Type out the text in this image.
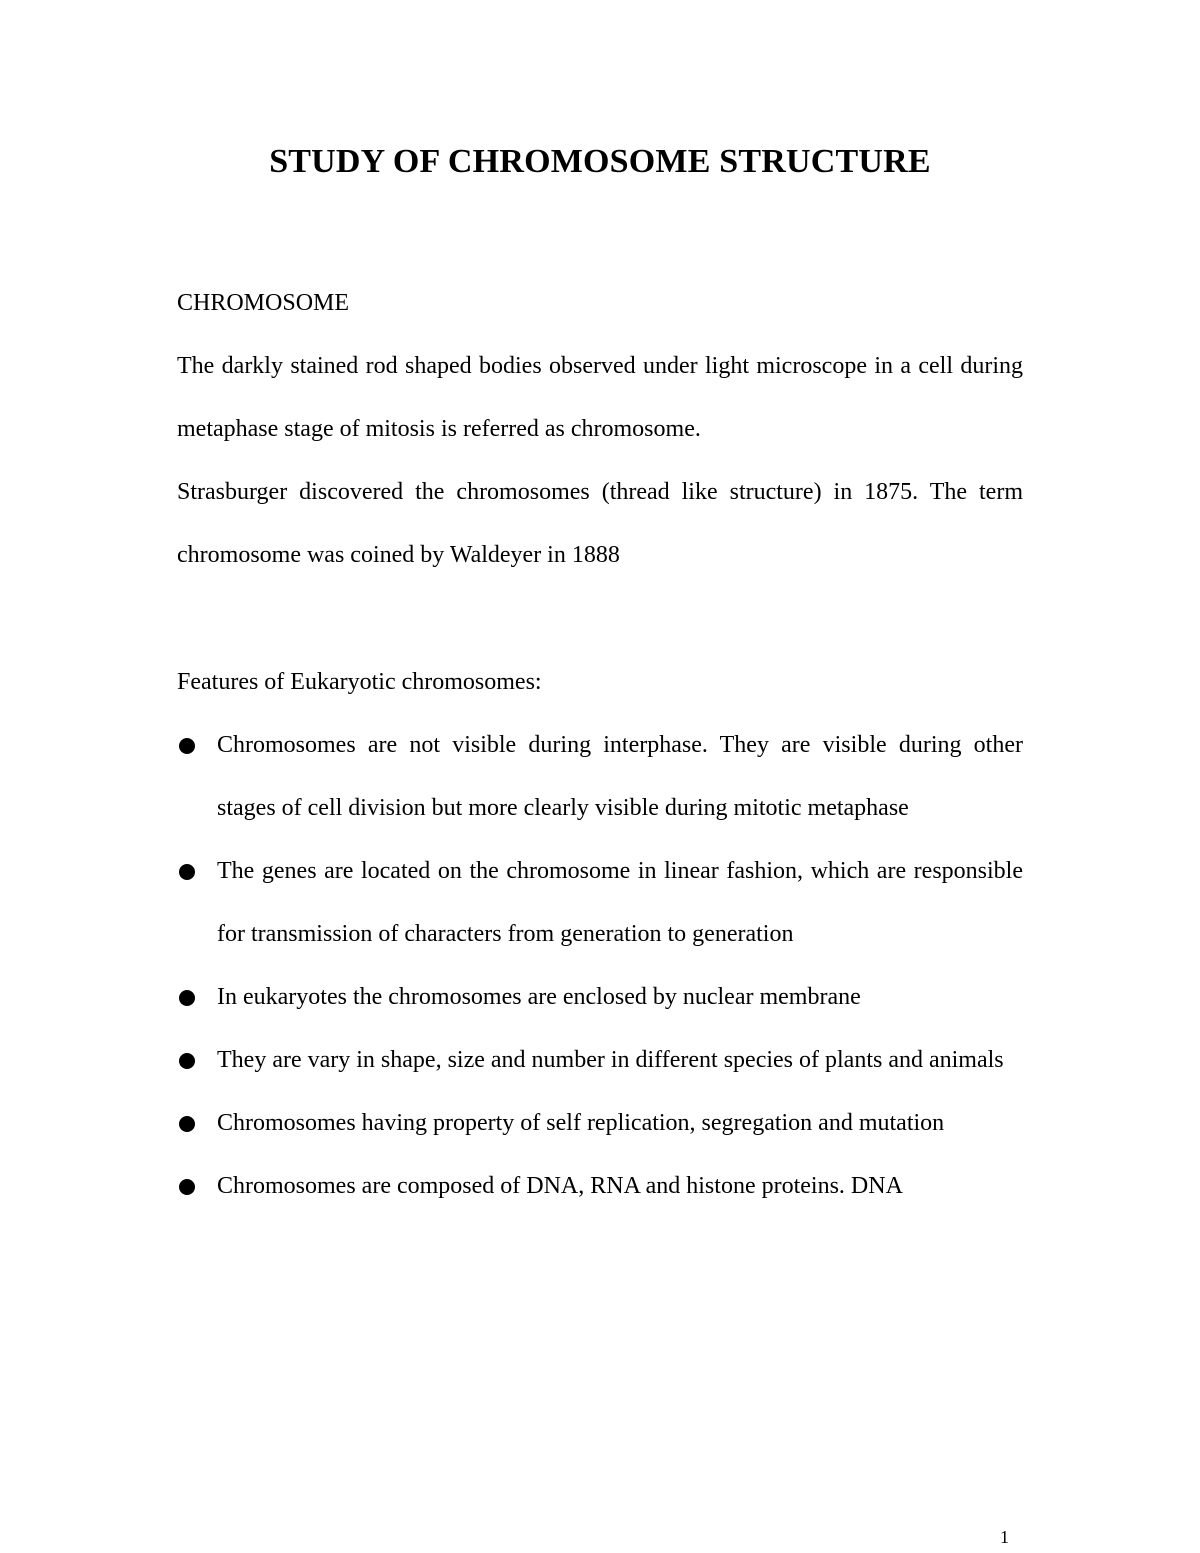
STUDY OF CHROMOSOME STRUCTURE
CHROMOSOME

The darkly stained rod shaped bodies observed under light microscope in a cell during metaphase stage of mitosis is referred as chromosome.
Strasburger discovered the chromosomes (thread like structure) in 1875. The term chromosome was coined by Waldeyer in 1888

Features of Eukaryotic chromosomes:
Chromosomes are not visible during interphase. They are visible during other stages of cell division but more clearly visible during mitotic metaphase
The genes are located on the chromosome in linear fashion, which are responsible for transmission of characters from generation to generation
In eukaryotes the chromosomes are enclosed by nuclear membrane
They are vary in shape, size and number in different species of plants and animals
Chromosomes having property of self replication, segregation and mutation
Chromosomes are composed of DNA, RNA and histone proteins. DNA
1
